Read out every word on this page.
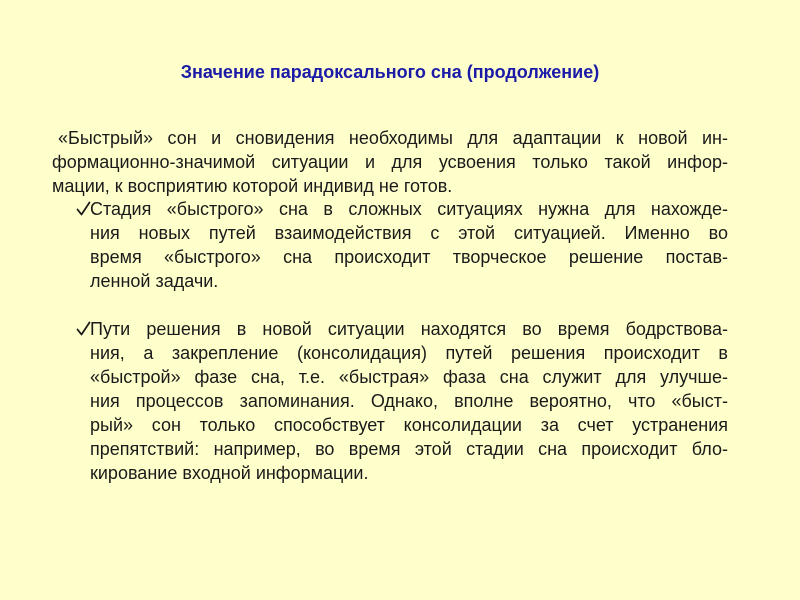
Значение парадоксального сна (продолжение)
«Быстрый» сон и сновидения необходимы для адаптации к новой ин-
формационно-значимой ситуации и для усвоения только такой инфор-
мации, к восприятию которой индивид не готов.
Стадия «быстрого» сна в сложных ситуациях нужна для нахожде-
ния новых путей взаимодействия с этой ситуацией. Именно во
время «быстрого» сна происходит творческое решение постав-
ленной задачи.
Пути решения в новой ситуации находятся во время бодрствова-
ния, а закрепление (консолидация) путей решения происходит в
«быстрой» фазе сна, т.е. «быстрая» фаза сна служит для улучше-
ния процессов запоминания. Однако, вполне вероятно, что «быст-
рый» сон только способствует консолидации за счет устранения
препятствий: например, во время этой стадии сна происходит бло-
кирование входной информации.
